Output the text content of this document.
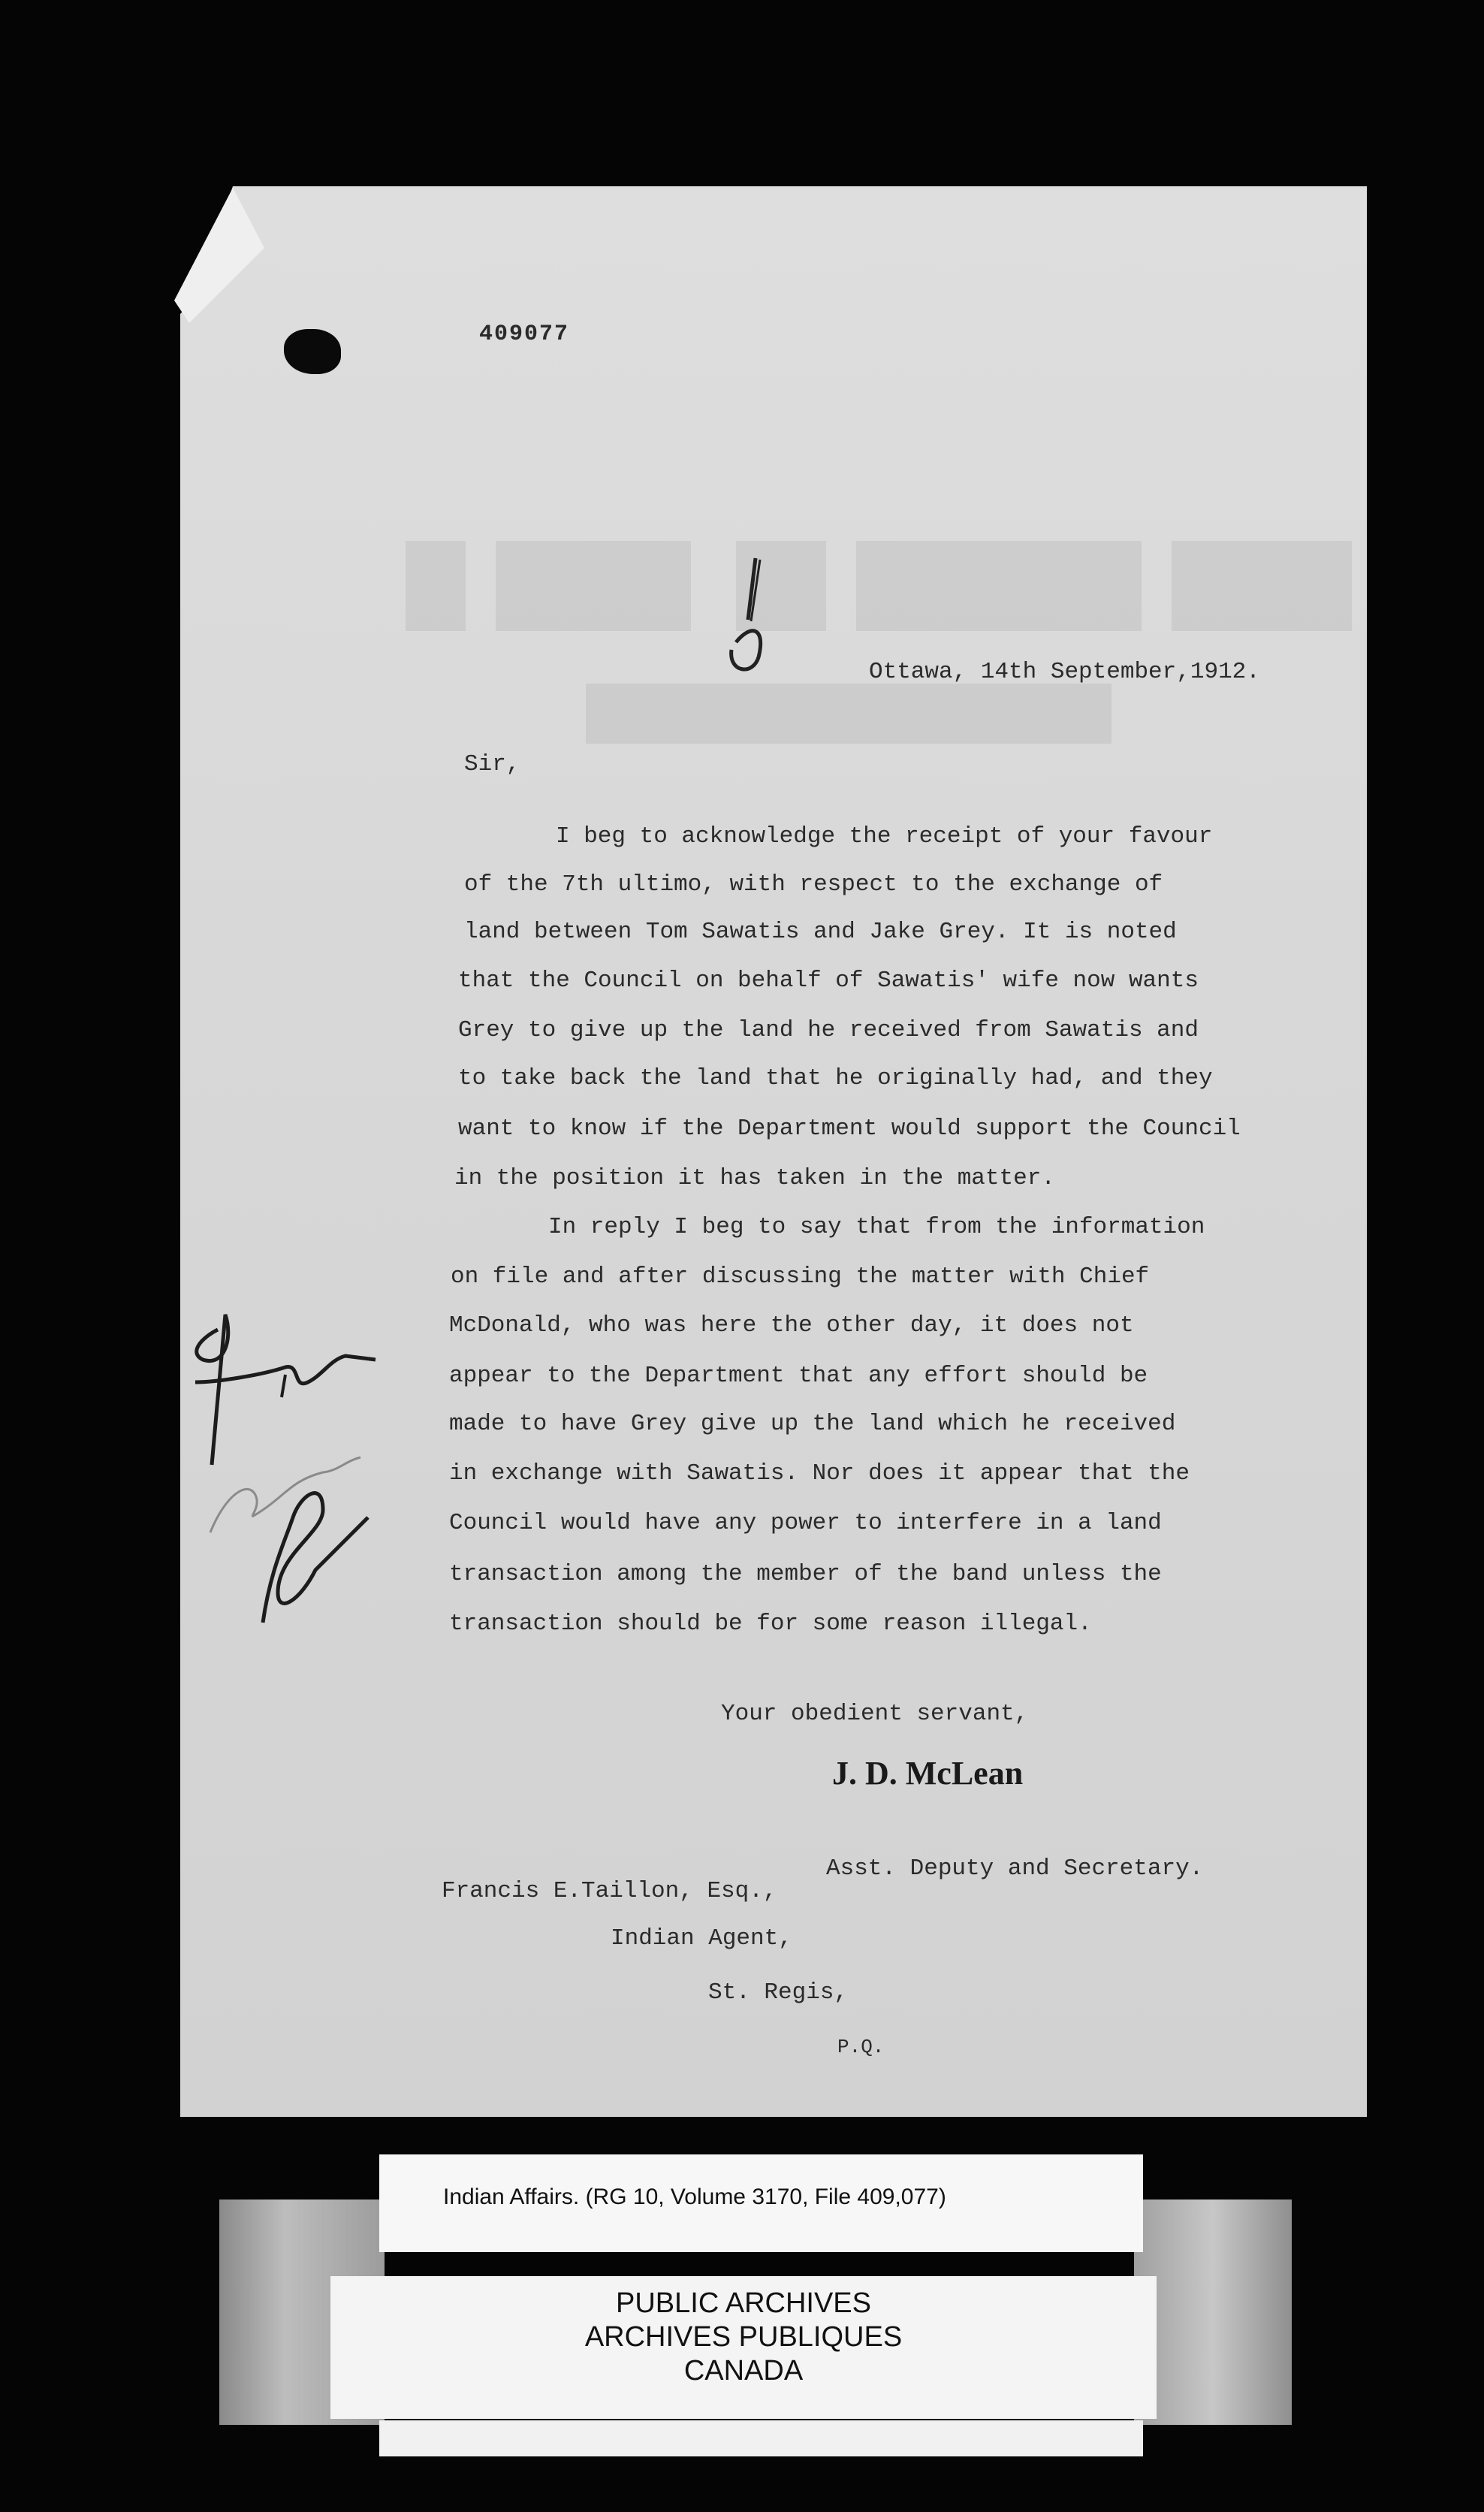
409077
Ottawa, 14th September,1912.
Sir,
I beg to acknowledge the receipt of your favour
of the 7th ultimo, with respect to the exchange of
land between Tom Sawatis and Jake Grey. It is noted
that the Council on behalf of Sawatis' wife now wants
Grey to give up the land he received from Sawatis and
to take back the land that he originally had, and they
want to know if the Department would support the Council
in the position it has taken in the matter.
In reply I beg to say that from the information
on file and after discussing the matter with Chief
McDonald, who was here the other day, it does not
appear to the Department that any effort should be
made to have Grey give up the land which he received
in exchange with Sawatis. Nor does it appear that the
Council would have any power to interfere in a land
transaction among the member of the band unless the
transaction should be for some reason illegal.
Your obedient servant,
J. D. McLean
Asst. Deputy and Secretary.
Francis E.Taillon, Esq.,
Indian Agent,
St. Regis,
P.Q.
Indian Affairs. (RG 10, Volume 3170, File 409,077)
PUBLIC ARCHIVES
ARCHIVES PUBLIQUES
CANADA
